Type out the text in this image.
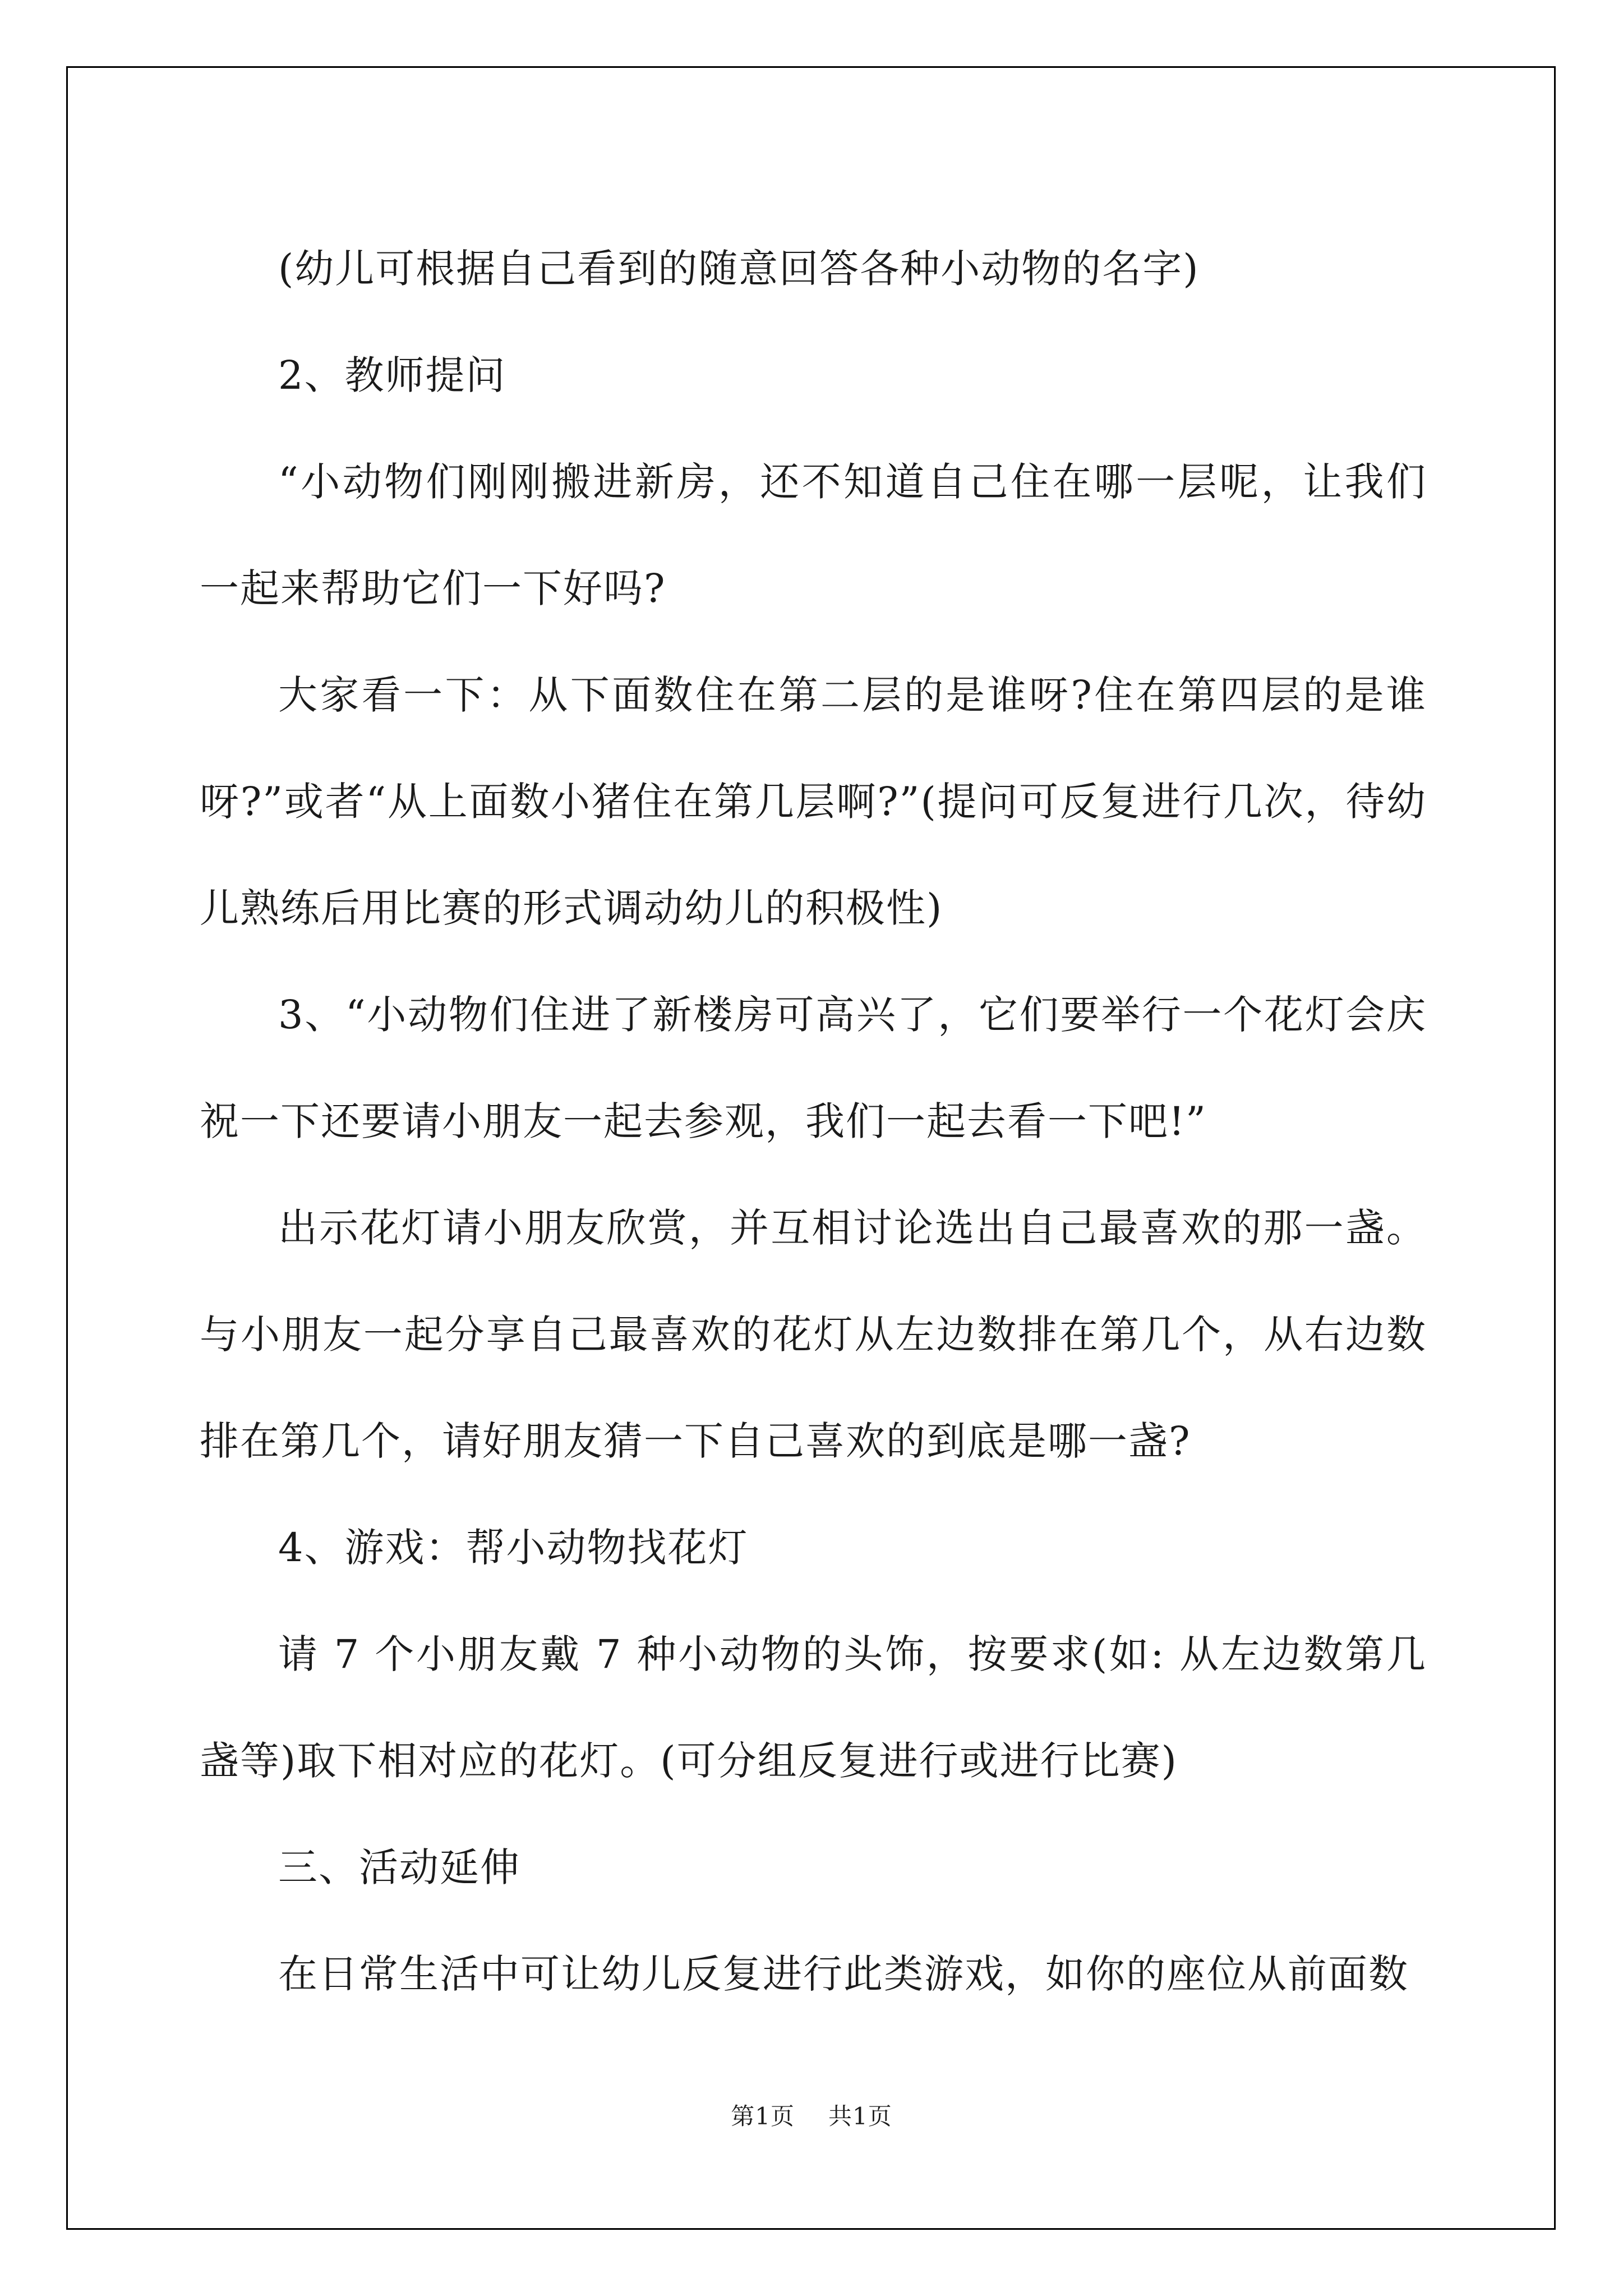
(幼儿可根据自己看到的随意回答各种小动物的名字)

2、教师提问

“小动物们刚刚搬进新房，还不知道自己住在哪一层呢，让我们一起来帮助它们一下好吗?

大家看一下：从下面数住在第二层的是谁呀?住在第四层的是谁呀?”或者“从上面数小猪住在第几层啊?”(提问可反复进行几次，待幼儿熟练后用比赛的形式调动幼儿的积极性)

3、“小动物们住进了新楼房可高兴了，它们要举行一个花灯会庆祝一下还要请小朋友一起去参观，我们一起去看一下吧!”

出示花灯请小朋友欣赏，并互相讨论选出自己最喜欢的那一盏。与小朋友一起分享自己最喜欢的花灯从左边数排在第几个，从右边数排在第几个，请好朋友猜一下自己喜欢的到底是哪一盏?

4、游戏：帮小动物找花灯

请 7 个小朋友戴 7 种小动物的头饰，按要求(如: 从左边数第几盏等)取下相对应的花灯。(可分组反复进行或进行比赛)

三、活动延伸

在日常生活中可让幼儿反复进行此类游戏，如你的座位从前面数

第1页 共1页
